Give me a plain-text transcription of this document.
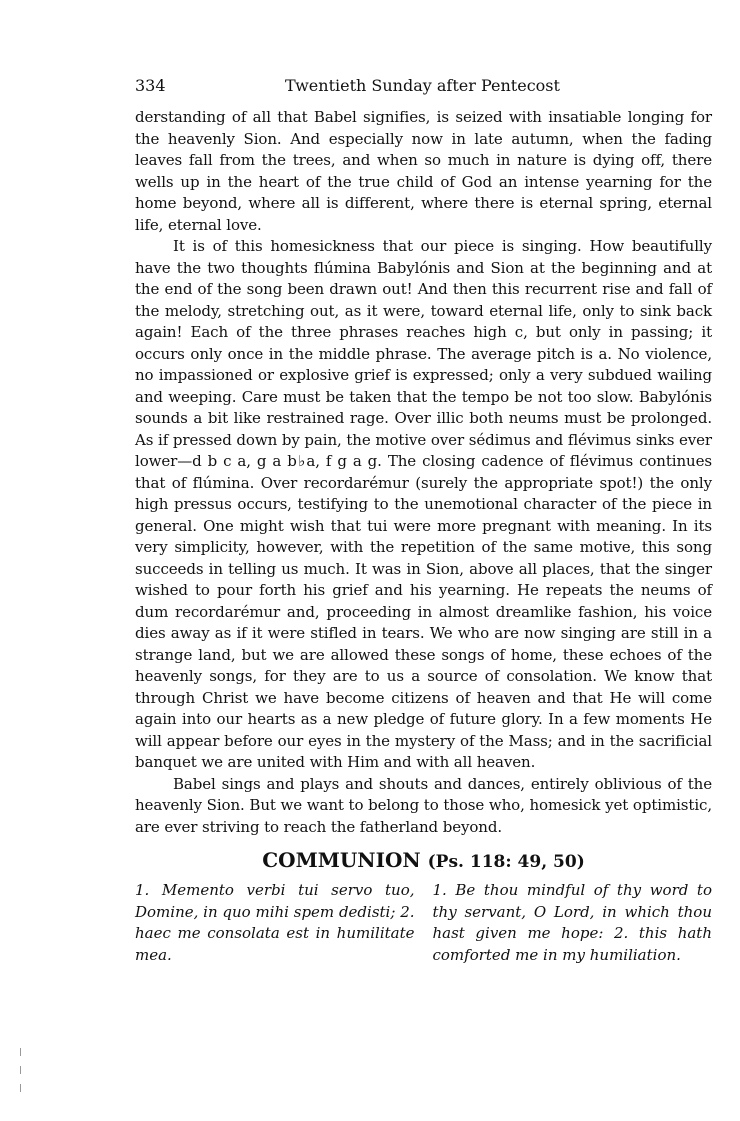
334	Twentieth Sunday after Pentecost

derstanding of all that Babel signifies, is seized with insatiable longing for the heavenly Sion. And especially now in late autumn, when the fading leaves fall from the trees, and when so much in nature is dying off, there wells up in the heart of the true child of God an intense yearning for the home beyond, where all is different, where there is eternal spring, eternal life, eternal love.

It is of this homesickness that our piece is singing. How beautifully have the two thoughts flúmina Babylónis and Sion at the beginning and at the end of the song been drawn out! And then this recurrent rise and fall of the melody, stretching out, as it were, toward eternal life, only to sink back again! Each of the three phrases reaches high c, but only in passing; it occurs only once in the middle phrase. The average pitch is a. No violence, no impassioned or explosive grief is expressed; only a very subdued wailing and weeping. Care must be taken that the tempo be not too slow. Babylónis sounds a bit like restrained rage. Over illic both neums must be prolonged. As if pressed down by pain, the motive over sédimus and flévimus sinks ever lower—d b c a, g a b♭a, f g a g. The closing cadence of flévimus continues that of flúmina. Over recordarémur (surely the appropriate spot!) the only high pressus occurs, testifying to the unemotional character of the piece in general. One might wish that tui were more pregnant with meaning. In its very simplicity, however, with the repetition of the same motive, this song succeeds in telling us much. It was in Sion, above all places, that the singer wished to pour forth his grief and his yearning. He repeats the neums of dum recordarémur and, proceeding in almost dreamlike fashion, his voice dies away as if it were stifled in tears. We who are now singing are still in a strange land, but we are allowed these songs of home, these echoes of the heavenly songs, for they are to us a source of consolation. We know that through Christ we have become citizens of heaven and that He will come again into our hearts as a new pledge of future glory. In a few moments He will appear before our eyes in the mystery of the Mass; and in the sacrificial banquet we are united with Him and with all heaven.

Babel sings and plays and shouts and dances, entirely oblivious of the heavenly Sion. But we want to belong to those who, homesick yet optimistic, are ever striving to reach the fatherland beyond.

COMMUNION (Ps. 118: 49, 50)
1. Memento verbi tui servo tuo, Domine, in quo mihi spem dedisti; 2. haec me consolata est in humilitate mea.
1. Be thou mindful of thy word to thy servant, O Lord, in which thou hast given me hope: 2. this hath comforted me in my humiliation.
